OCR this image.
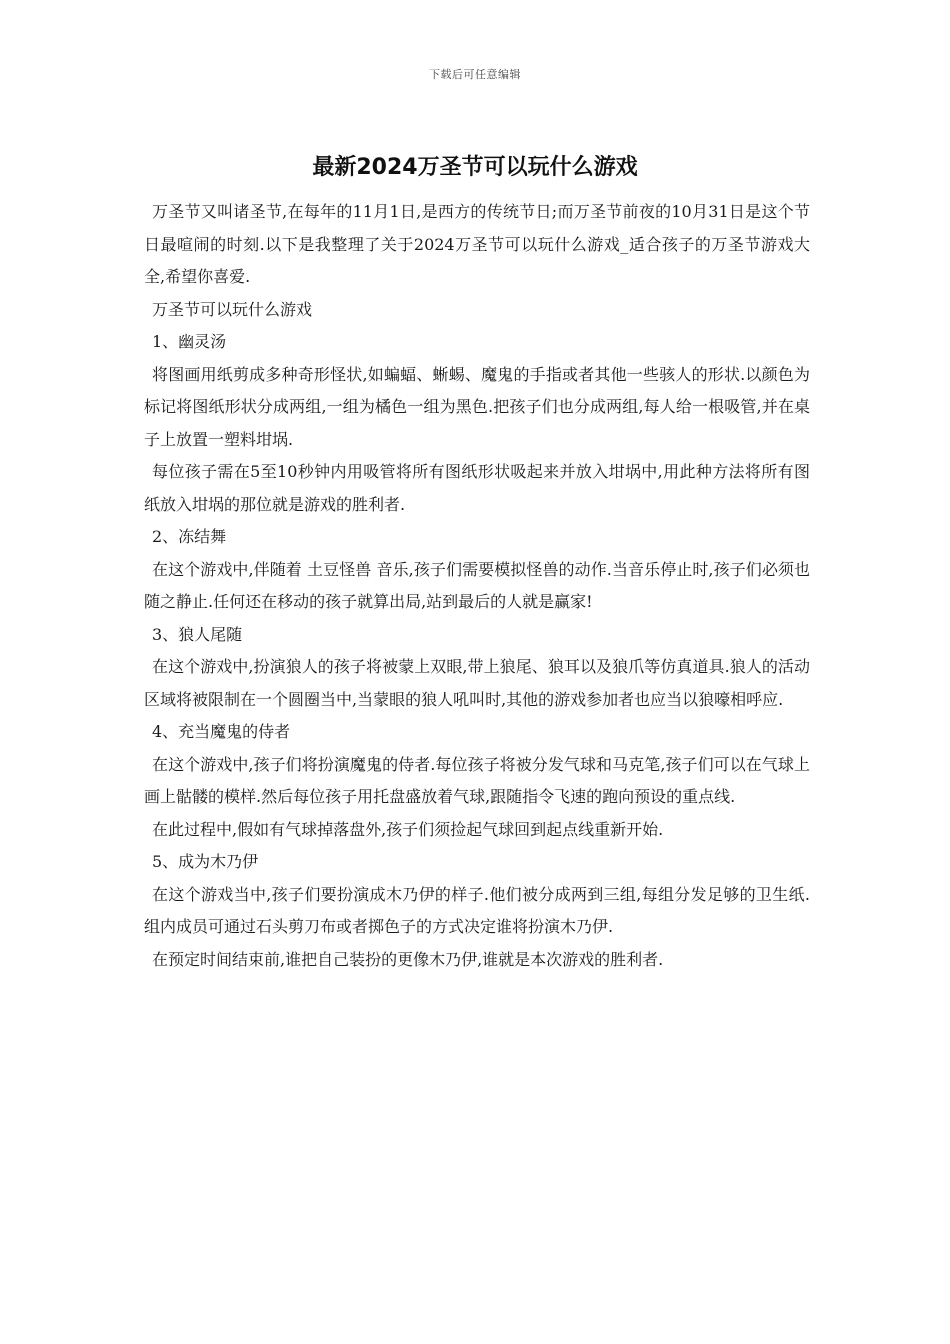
下载后可任意编辑
最新2024万圣节可以玩什么游戏

万圣节又叫诸圣节,在每年的11月1日,是西方的传统节日;而万圣节前夜的10月31日是这个节日最喧闹的时刻.以下是我整理了关于2024万圣节可以玩什么游戏_适合孩子的万圣节游戏大全,希望你喜爱.

万圣节可以玩什么游戏

1、幽灵汤

将图画用纸剪成多种奇形怪状,如蝙蝠、蜥蜴、魔鬼的手指或者其他一些骇人的形状.以颜色为标记将图纸形状分成两组,一组为橘色一组为黑色.把孩子们也分成两组,每人给一根吸管,并在桌子上放置一塑料坩埚.

每位孩子需在5至10秒钟内用吸管将所有图纸形状吸起来并放入坩埚中,用此种方法将所有图纸放入坩埚的那位就是游戏的胜利者.

2、冻结舞

在这个游戏中,伴随着 土豆怪兽 音乐,孩子们需要模拟怪兽的动作.当音乐停止时,孩子们必须也随之静止.任何还在移动的孩子就算出局,站到最后的人就是赢家!

3、狼人尾随

在这个游戏中,扮演狼人的孩子将被蒙上双眼,带上狼尾、狼耳以及狼爪等仿真道具.狼人的活动区域将被限制在一个圆圈当中,当蒙眼的狼人吼叫时,其他的游戏参加者也应当以狼嚎相呼应.

4、充当魔鬼的侍者

在这个游戏中,孩子们将扮演魔鬼的侍者.每位孩子将被分发气球和马克笔,孩子们可以在气球上画上骷髅的模样.然后每位孩子用托盘盛放着气球,跟随指令飞速的跑向预设的重点线.

在此过程中,假如有气球掉落盘外,孩子们须捡起气球回到起点线重新开始.

5、成为木乃伊

在这个游戏当中,孩子们要扮演成木乃伊的样子.他们被分成两到三组,每组分发足够的卫生纸.组内成员可通过石头剪刀布或者掷色子的方式决定谁将扮演木乃伊.

在预定时间结束前,谁把自己装扮的更像木乃伊,谁就是本次游戏的胜利者.
